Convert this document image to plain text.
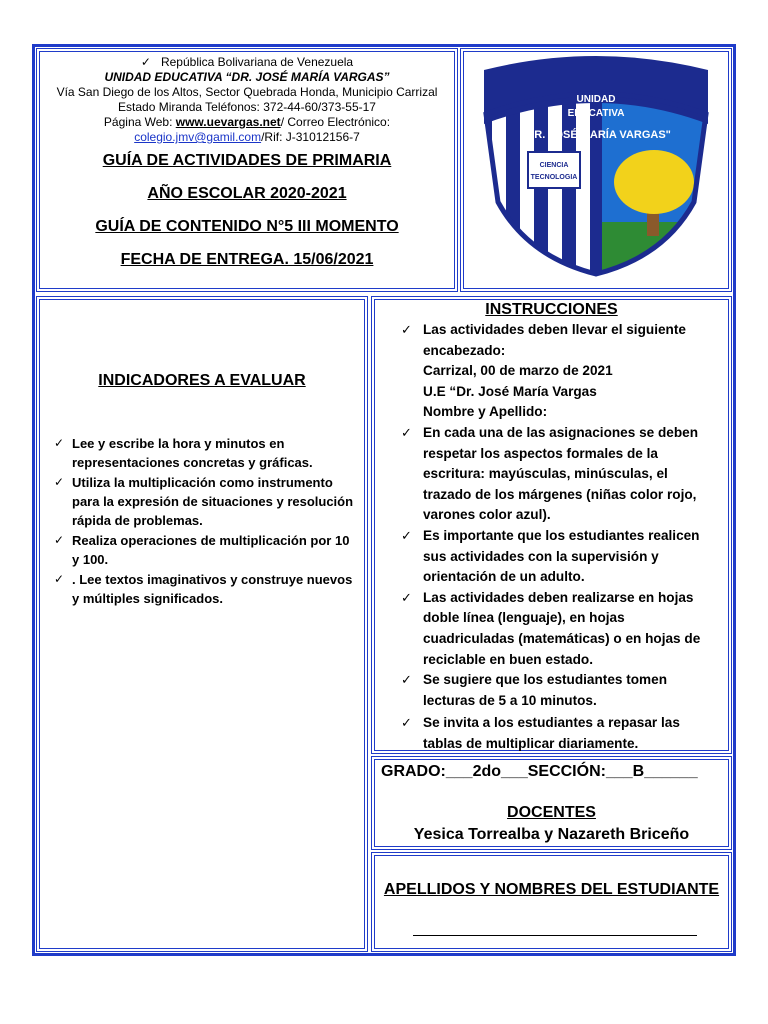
✓ República Bolivariana de Venezuela
UNIDAD EDUCATIVA “DR. JOSÉ MARÍA VARGAS”
Vía San Diego de los Altos, Sector Quebrada Honda, Municipio Carrizal
Estado Miranda Teléfonos: 372-44-60/373-55-17
Página Web: www.uevargas.net/ Correo Electrónico:
colegio.jmv@gamil.com/Rif: J-31012156-7
GUÍA DE ACTIVIDADES DE PRIMARIA
AÑO ESCOLAR 2020-2021
GUÍA DE CONTENIDO N°5 III MOMENTO
FECHA DE ENTREGA. 15/06/2021
UNIDAD
EDUCATIVA
"DR. JOSÉ MARÍA VARGAS"
CIENCIA
TECNOLOGIA
INDICADORES A EVALUAR
✓ Lee y escribe la hora y minutos en representaciones concretas y gráficas.
✓ Utiliza la multiplicación como instrumento para la expresión de situaciones y resolución rápida de problemas.
✓ Realiza operaciones de multiplicación por 10 y 100.
✓ . Lee textos imaginativos y construye nuevos y múltiples significados.
INSTRUCCIONES
✓ Las actividades deben llevar el siguiente encabezado:
Carrizal, 00 de marzo de 2021
U.E “Dr. José María Vargas
Nombre y Apellido:
✓ En cada una de las asignaciones se deben respetar los aspectos formales de la escritura: mayúsculas, minúsculas, el trazado de los márgenes (niñas color rojo, varones color azul).
✓ Es importante que los estudiantes realicen sus actividades con la supervisión y orientación de un adulto.
✓ Las actividades deben realizarse en hojas doble línea (lenguaje), en hojas cuadriculadas (matemáticas) o en hojas de reciclable en buen estado.
✓ Se sugiere que los estudiantes tomen lecturas de 5 a 10 minutos.
✓ Se invita a los estudiantes a repasar las tablas de multiplicar diariamente.
GRADO:___2do___SECCIÓN:___B______
DOCENTES
Yesica Torrealba y Nazareth Briceño
APELLIDOS Y NOMBRES DEL ESTUDIANTE
